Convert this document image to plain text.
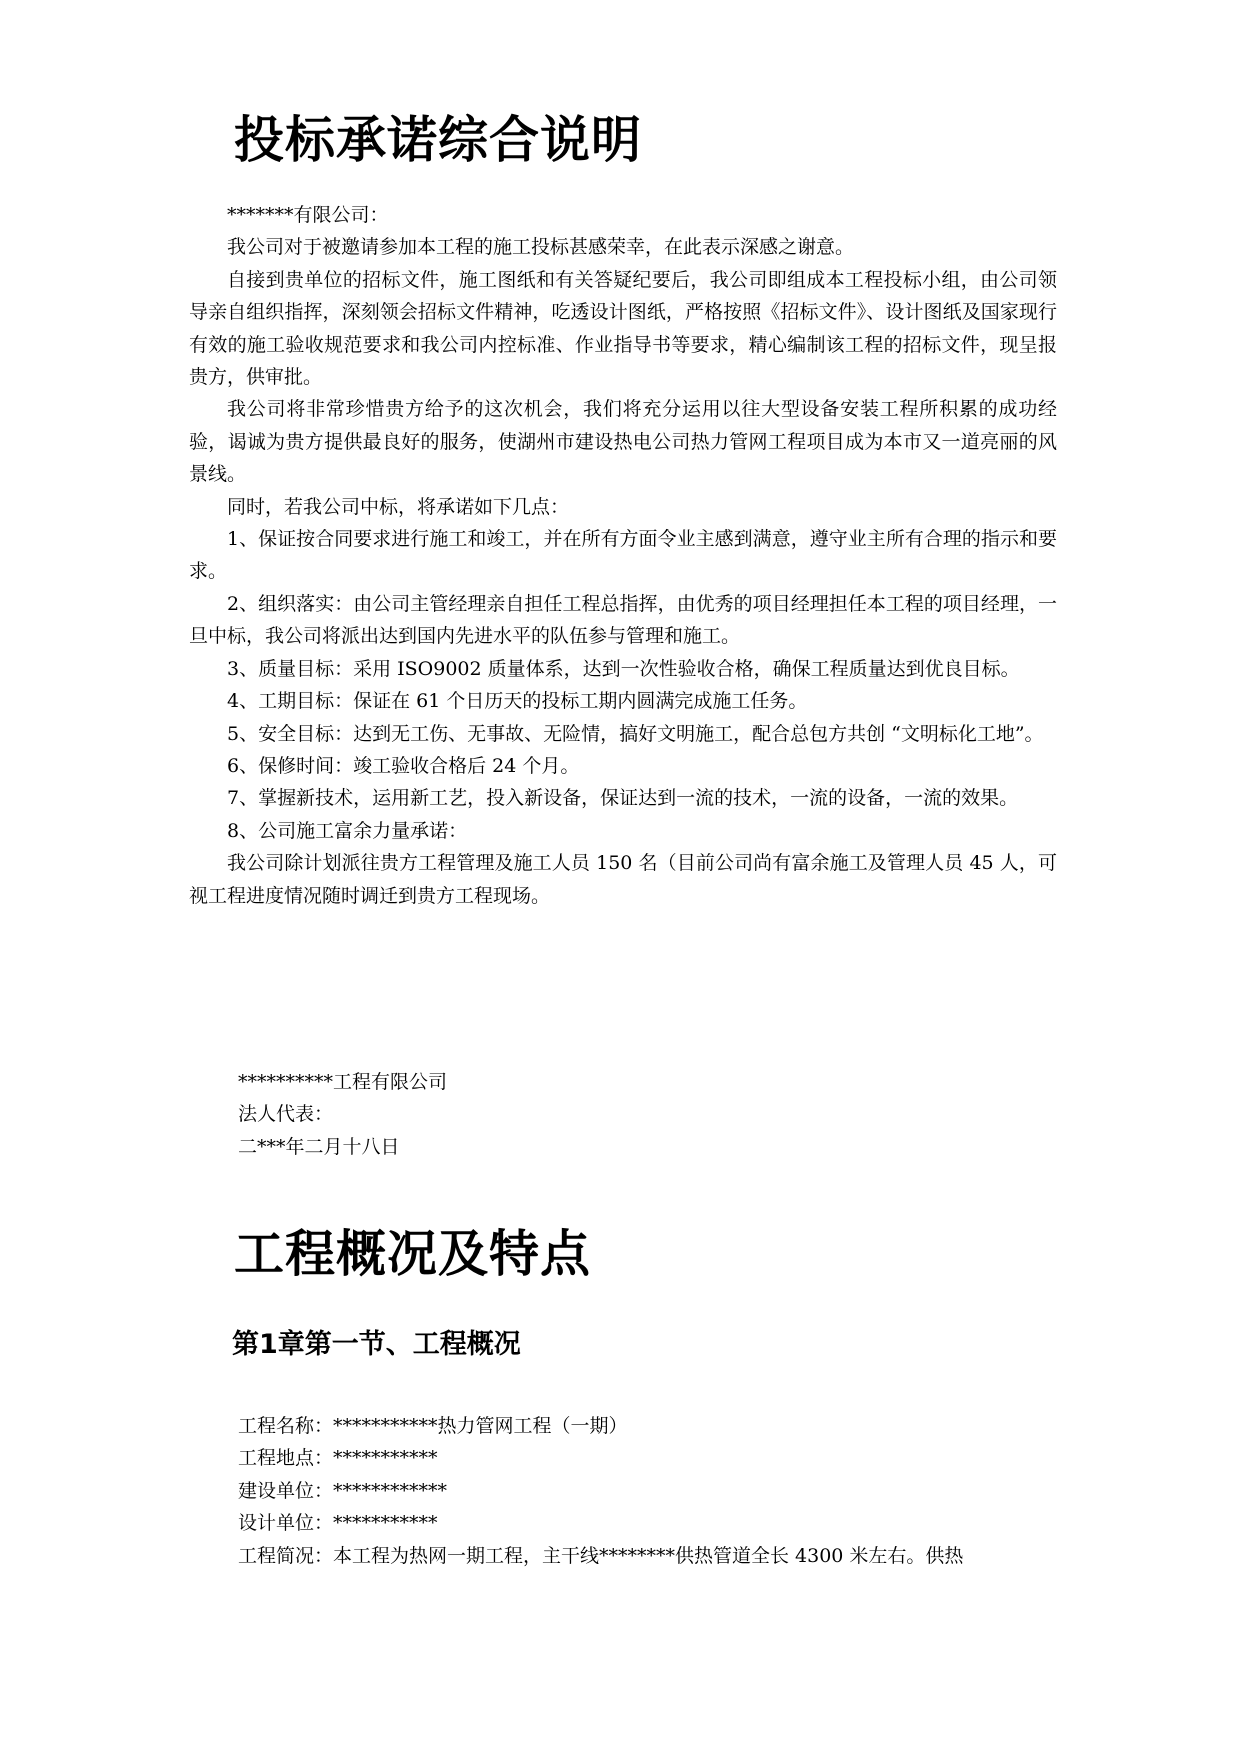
投标承诺综合说明

*******有限公司：

我公司对于被邀请参加本工程的施工投标甚感荣幸，在此表示深感之谢意。

自接到贵单位的招标文件，施工图纸和有关答疑纪要后，我公司即组成本工程投标小组，由公司领导亲自组织指挥，深刻领会招标文件精神，吃透设计图纸，严格按照《招标文件》、设计图纸及国家现行有效的施工验收规范要求和我公司内控标准、作业指导书等要求，精心编制该工程的招标文件，现呈报贵方，供审批。

我公司将非常珍惜贵方给予的这次机会，我们将充分运用以往大型设备安装工程所积累的成功经验，谒诚为贵方提供最良好的服务，使湖州市建设热电公司热力管网工程项目成为本市又一道亮丽的风景线。

同时，若我公司中标，将承诺如下几点：

1、保证按合同要求进行施工和竣工，并在所有方面令业主感到满意，遵守业主所有合理的指示和要求。

2、组织落实：由公司主管经理亲自担任工程总指挥，由优秀的项目经理担任本工程的项目经理，一旦中标，我公司将派出达到国内先进水平的队伍参与管理和施工。

3、质量目标：采用 ISO9002 质量体系，达到一次性验收合格，确保工程质量达到优良目标。

4、工期目标：保证在 61 个日历天的投标工期内圆满完成施工任务。

5、安全目标：达到无工伤、无事故、无险情，搞好文明施工，配合总包方共创 “文明标化工地”。

6、保修时间：竣工验收合格后 24 个月。

7、掌握新技术，运用新工艺，投入新设备，保证达到一流的技术，一流的设备，一流的效果。

8、公司施工富余力量承诺：

我公司除计划派往贵方工程管理及施工人员 150 名（目前公司尚有富余施工及管理人员 45 人，可视工程进度情况随时调迁到贵方工程现场。

**********工程有限公司
法人代表：
二***年二月十八日
工程概况及特点
第1章第一节、工程概况
工程名称：***********热力管网工程（一期）
工程地点：***********
建设单位：************
设计单位：***********
工程简况：本工程为热网一期工程，主干线********供热管道全长 4300 米左右。供热
